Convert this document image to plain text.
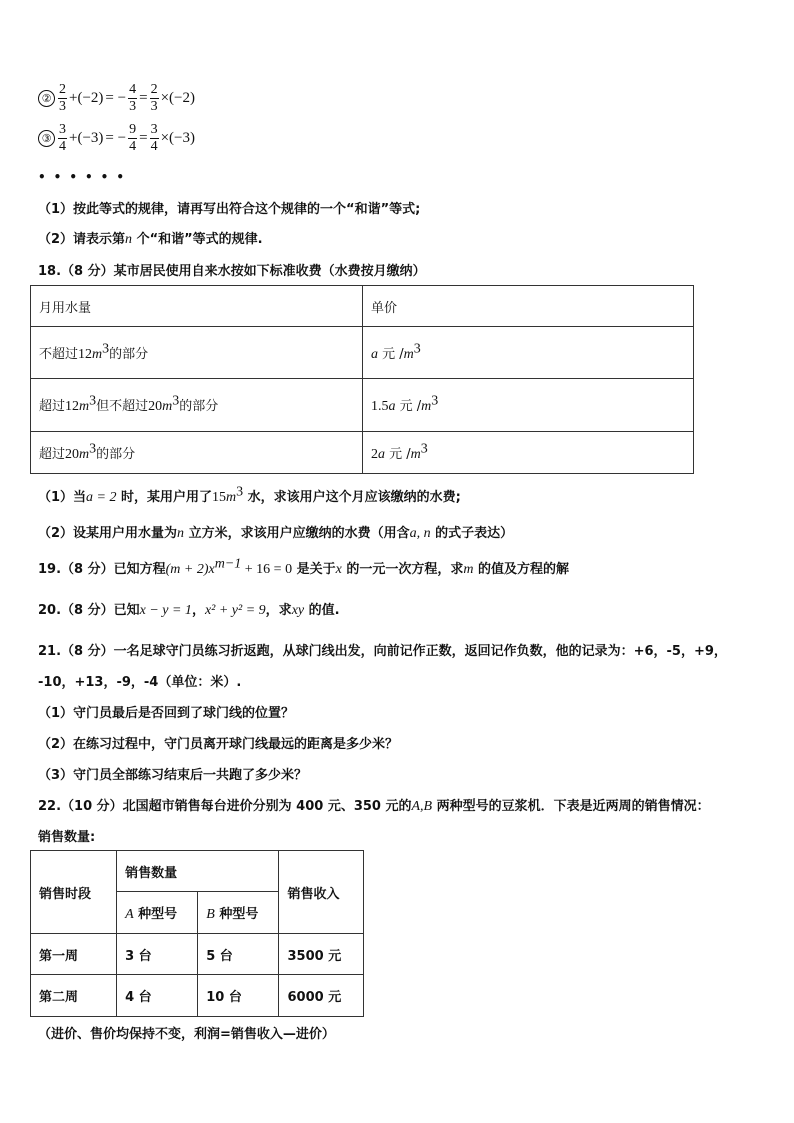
② $\frac{2}{3} +(-2)$ = − $\frac{4}{3} = \frac{2}{3} \times(-2)$
③ $\frac{3}{4} +(-3)$ = − $\frac{9}{4} = \frac{3}{4} \times(-3)$
••••••
（1）按此等式的规律，请再写出符合这个规律的一个“和谐”等式;
（2）请表示第n 个“和谐”等式的规律.
18.（8 分）某市居民使用自来水按如下标准收费（水费按月缴纳）
月用水量	单价
不超过$12m^3$的部分	a 元 $/m^3$
超过$12m^3$但不超过$20m^3$的部分	1.5a 元 $/m^3$
超过$20m^3$的部分	2a 元 $/m^3$
（1）当a = 2 时，某用户用了$15m^3$ 水，求该用户这个月应该缴纳的水费;
（2）设某用户用水量为n 立方米，求该用户应缴纳的水费（用含a, n 的式子表达）
19.（8 分）已知方程$(m + 2)x^{m-1} + 16 = 0$ 是关于x 的一元一次方程，求m 的值及方程的解
20.（8 分）已知x − y = 1，x² + y² = 9，求xy 的值.
21.（8 分）一名足球守门员练习折返跑，从球门线出发，向前记作正数，返回记作负数，他的记录为：+6，-5，+9，
-10，+13，-9，-4（单位：米）.
（1）守门员最后是否回到了球门线的位置？
（2）在练习过程中，守门员离开球门线最远的距离是多少米？
（3）守门员全部练习结束后一共跑了多少米？
22.（10 分）北国超市销售每台进价分别为 400 元、350 元的A,B 两种型号的豆浆机．下表是近两周的销售情况：
销售数量:
销售时段	销售数量		销售收入
	A 种型号	B 种型号	
第一周	3 台	5 台	3500 元
第二周	4 台	10 台	6000 元
（进价、售价均保持不变，利润=销售收入—进价）
